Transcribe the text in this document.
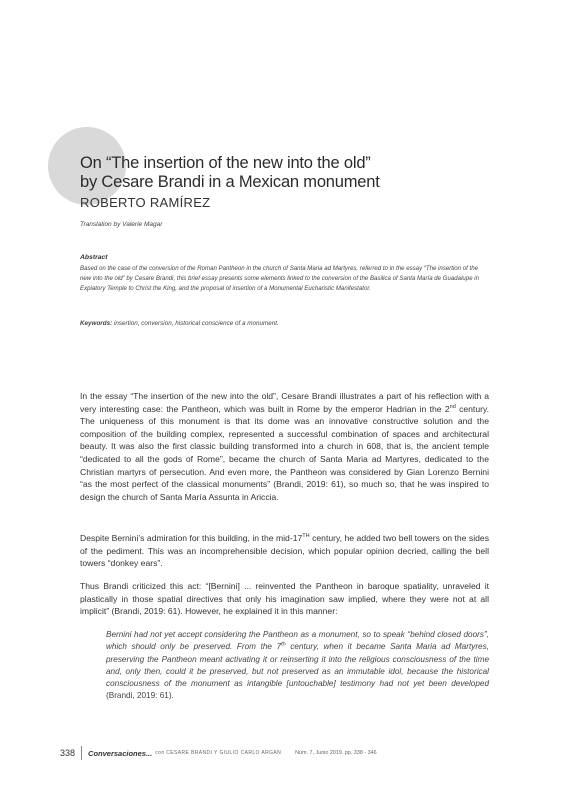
On “The insertion of the new into the old”
by Cesare Brandi in a Mexican monument
ROBERTO RAMÍREZ
Translation by Valerie Magar
Abstract
Based on the case of the conversion of the Roman Pantheon in the church of Santa Maria ad Martyres, referred to in the essay “The insertion of the new into the old” by Cesare Brandi, this brief essay presents some elements linked to the conversion of the Basilica of Santa María de Guadalupe in Expiatory Temple to Christ the King, and the proposal of insertion of a Monumental Eucharistic Manifestator.
Keywords: insertion, conversion, historical conscience of a monument.
In the essay “The insertion of the new into the old”, Cesare Brandi illustrates a part of his reflection with a very interesting case: the Pantheon, which was built in Rome by the emperor Hadrian in the 2nd century. The uniqueness of this monument is that its dome was an innovative constructive solution and the composition of the building complex, represented a successful combination of spaces and architectural beauty. It was also the first classic building transformed into a church in 608, that is, the ancient temple “dedicated to all the gods of Rome”, became the church of Santa Maria ad Martyres, dedicated to the Christian martyrs of persecution. And even more, the Pantheon was considered by Gian Lorenzo Bernini “as the most perfect of the classical monuments” (Brandi, 2019: 61), so much so, that he was inspired to design the church of Santa María Assunta in Ariccia.
Despite Bernini’s admiration for this building, in the mid-17TH century, he added two bell towers on the sides of the pediment. This was an incomprehensible decision, which popular opinion decried, calling the bell towers “donkey ears”.
Thus Brandi criticized this act: “[Bernini] ... reinvented the Pantheon in baroque spatiality, unraveled it plastically in those spatial directives that only his imagination saw implied, where they were not at all implicit” (Brandi, 2019: 61). However, he explained it in this manner:
Bernini had not yet accept considering the Pantheon as a monument, so to speak “behind closed doors”, which should only be preserved. From the 7th century, when it became Santa Maria ad Martyres, preserving the Pantheon meant activating it or reinserting it into the religious consciousness of the time and, only then, could it be preserved, but not preserved as an immutable idol, because the historical consciousness of the monument as intangible [untouchable] testimony had not yet been developed (Brandi, 2019: 61).
338	Conversaciones... con CESARE BRANDI Y GIULIO CARLO ARGAN	Núm. 7, Junio 2019. pp. 338 - 346
